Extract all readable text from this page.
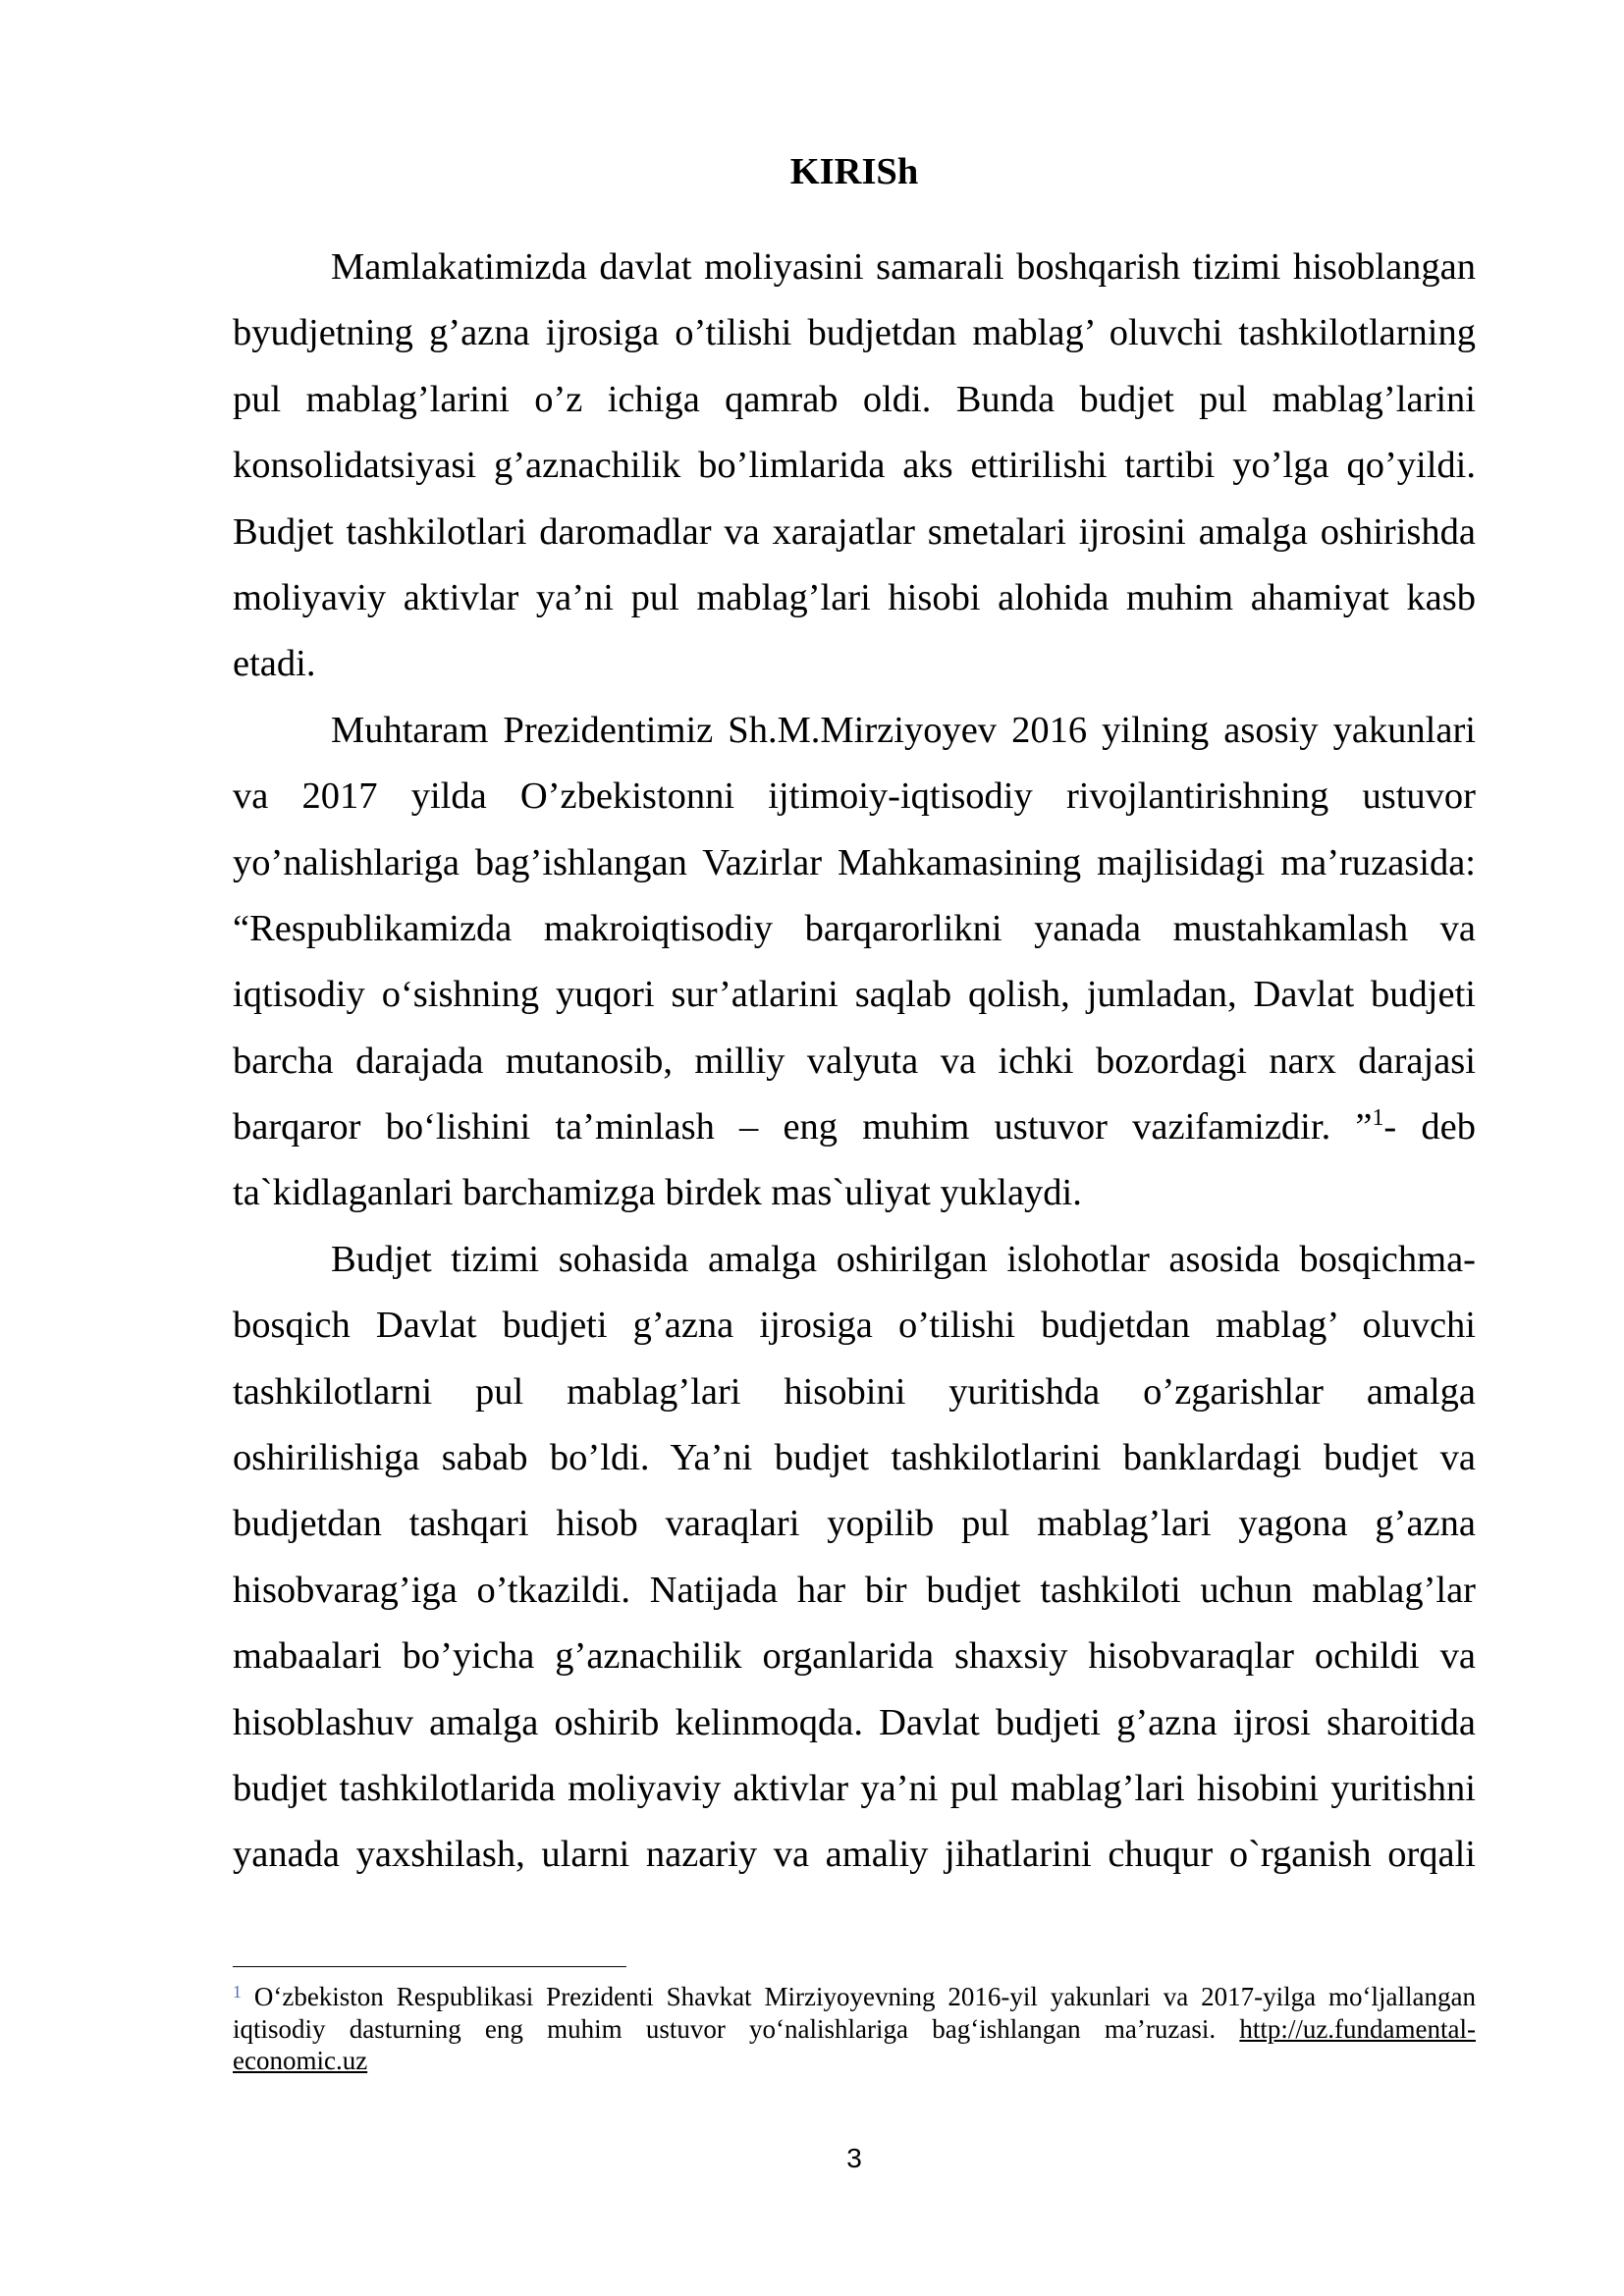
KIRISh
Mamlakatimizda davlat moliyasini samarali boshqarish tizimi hisoblangan
byudjetning g’azna ijrosiga o’tilishi budjetdan mablag’ oluvchi tashkilotlarning
pul mablag’larini o’z ichiga qamrab oldi. Bunda budjet pul mablag’larini
konsolidatsiyasi g’aznachilik bo’limlarida aks ettirilishi tartibi yo’lga qo’yildi.
Budjet tashkilotlari daromadlar va xarajatlar smetalari ijrosini amalga oshirishda
moliyaviy aktivlar ya’ni pul mablag’lari hisobi alohida muhim ahamiyat kasb
etadi.
Muhtaram Prezidentimiz Sh.M.Mirziyoyev 2016 yilning asosiy yakunlari
va 2017 yilda O’zbekistonni ijtimoiy-iqtisodiy rivojlantirishning ustuvor
yo’nalishlariga bag’ishlangan Vazirlar Mahkamasining majlisidagi ma’ruzasida:
“Respublikamizda makroiqtisodiy barqarorlikni yanada mustahkamlash va
iqtisodiy o‘sishning yuqori sur’atlarini saqlab qolish, jumladan, Davlat budjeti
barcha darajada mutanosib, milliy valyuta va ichki bozordagi narx darajasi
barqaror bo‘lishini ta’minlash – eng muhim ustuvor vazifamizdir. ”$^1$- deb
ta`kidlaganlari barchamizga birdek mas`uliyat yuklaydi.
Budjet tizimi sohasida amalga oshirilgan islohotlar asosida bosqichma-
bosqich Davlat budjeti g’azna ijrosiga o’tilishi budjetdan mablag’ oluvchi
tashkilotlarni pul mablag’lari hisobini yuritishda o’zgarishlar amalga
oshirilishiga sabab bo’ldi. Ya’ni budjet tashkilotlarini banklardagi budjet va
budjetdan tashqari hisob varaqlari yopilib pul mablag’lari yagona g’azna
hisobvarag’iga o’tkazildi. Natijada har bir budjet tashkiloti uchun mablag’lar
mabaalari bo’yicha g’aznachilik organlarida shaxsiy hisobvaraqlar ochildi va
hisoblashuv amalga oshirib kelinmoqda. Davlat budjeti g’azna ijrosi sharoitida
budjet tashkilotlarida moliyaviy aktivlar ya’ni pul mablag’lari hisobini yuritishni
yanada yaxshilash, ularni nazariy va amaliy jihatlarini chuqur o`rganish orqali
$^1$ O‘zbekiston Respublikasi Prezidenti Shavkat Mirziyoyevning 2016-yil yakunlari va 2017-yilga mo‘ljallangan
iqtisodiy dasturning eng muhim ustuvor yo‘nalishlariga bag‘ishlangan ma’ruzasi. http://uz.fundamental-
economic.uz
3
